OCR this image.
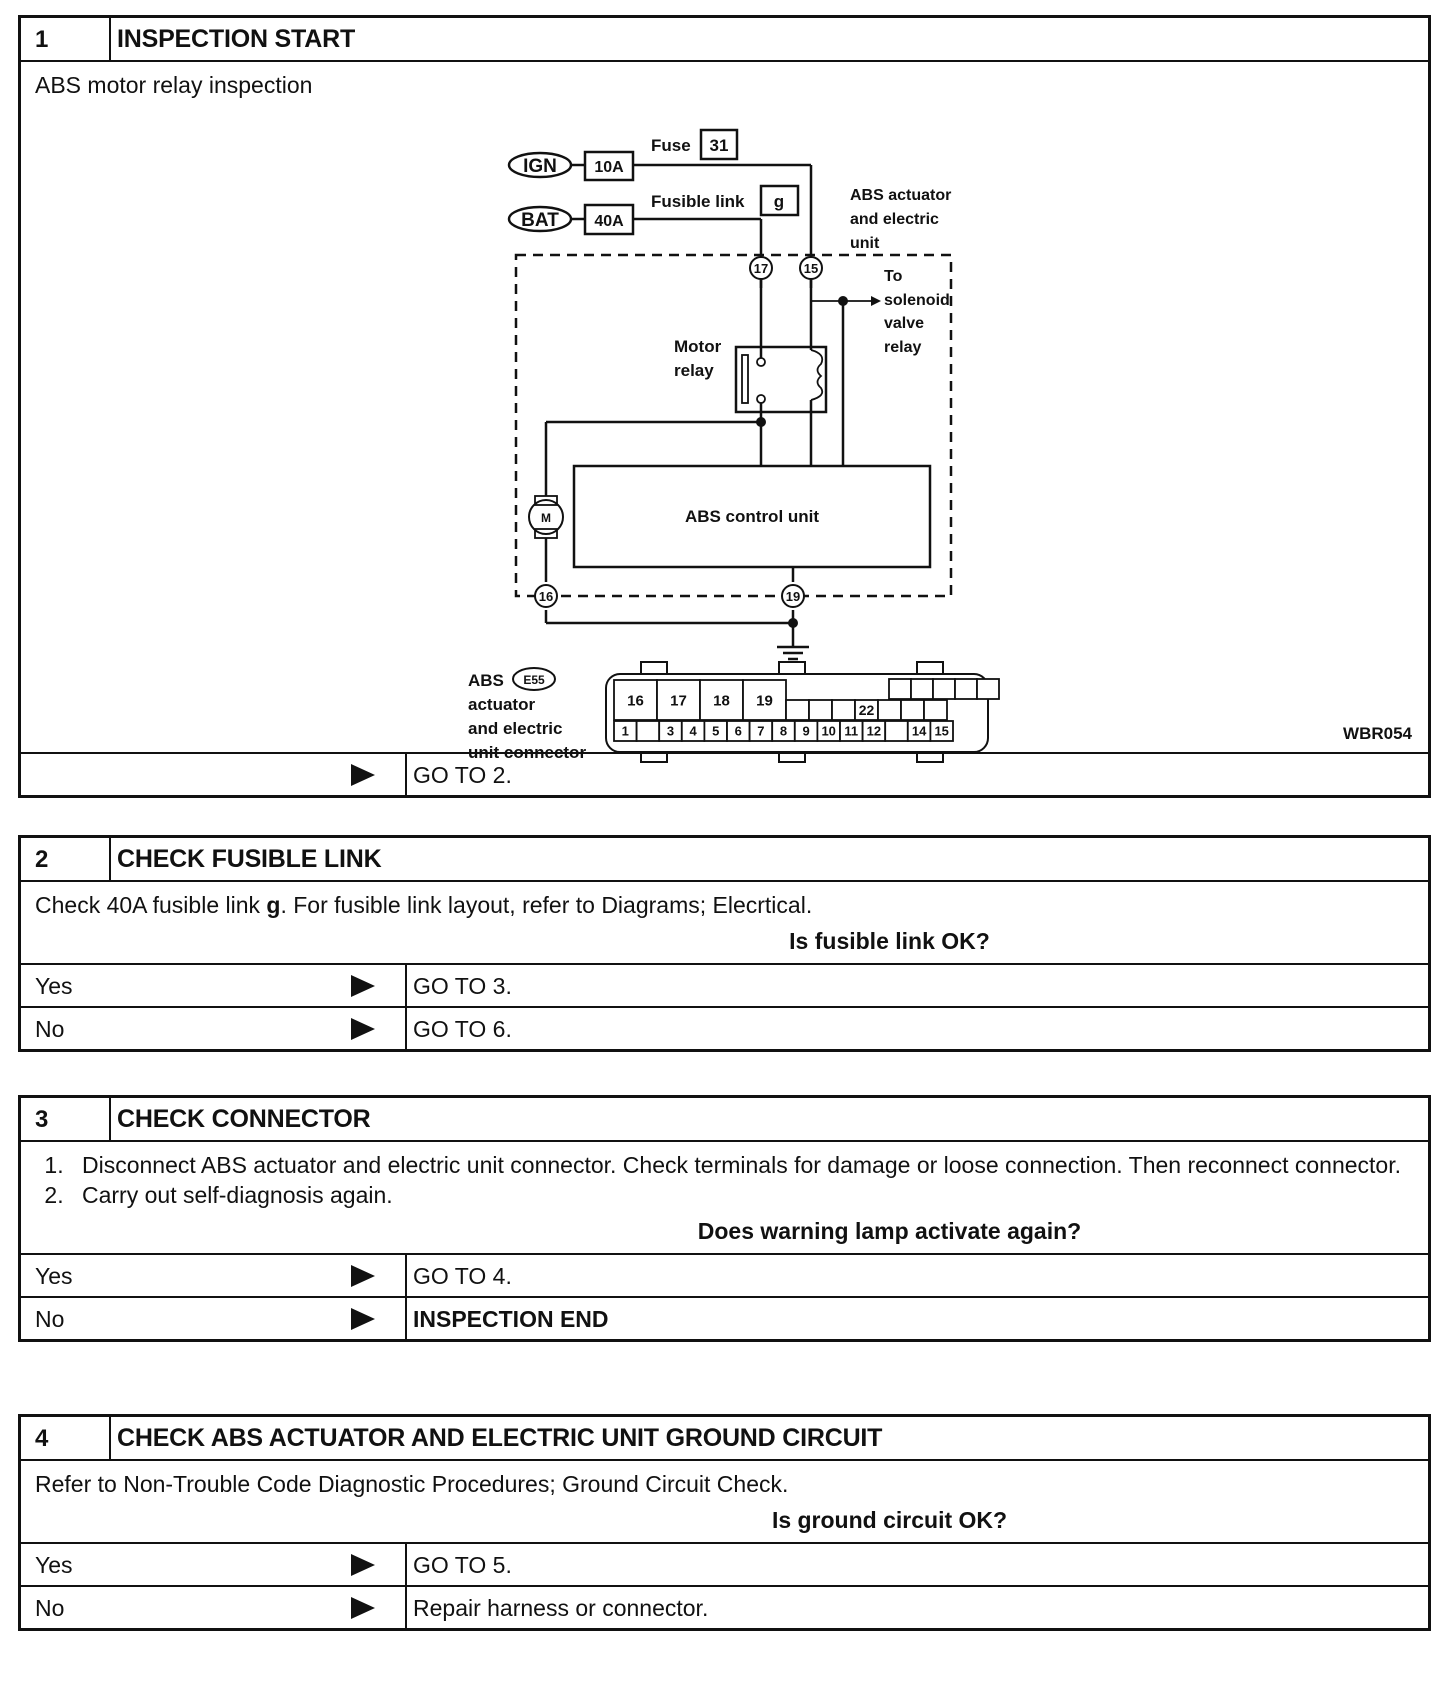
1	INSPECTION START
ABS motor relay inspection
17	15
16	19
IGN
BAT
10A
40A
Fuse 31
Fusible link g	ABS actuator
and electric
unit
To
solenoid
valve
relay
Motor
relay
M	ABS control unit
ABS E55
actuator
and electric
unit connector
16 17 18 19
22
1	3 4 5 6 7 8 9 10 11 12 14 15	WBR054
GO TO 2.
2	CHECK FUSIBLE LINK
Check 40A fusible link g. For fusible link layout, refer to Diagrams; Elecrtical.
Is fusible link OK?
Yes	GO TO 3.
No	GO TO 6.
3	CHECK CONNECTOR
1. Disconnect ABS actuator and electric unit connector. Check terminals for damage or loose connection. Then reconnect connector.
2. Carry out self-diagnosis again.
Does warning lamp activate again?
Yes	GO TO 4.
No	INSPECTION END
4	CHECK ABS ACTUATOR AND ELECTRIC UNIT GROUND CIRCUIT
Refer to Non-Trouble Code Diagnostic Procedures; Ground Circuit Check.
Is ground circuit OK?
Yes	GO TO 5.
No	Repair harness or connector.
